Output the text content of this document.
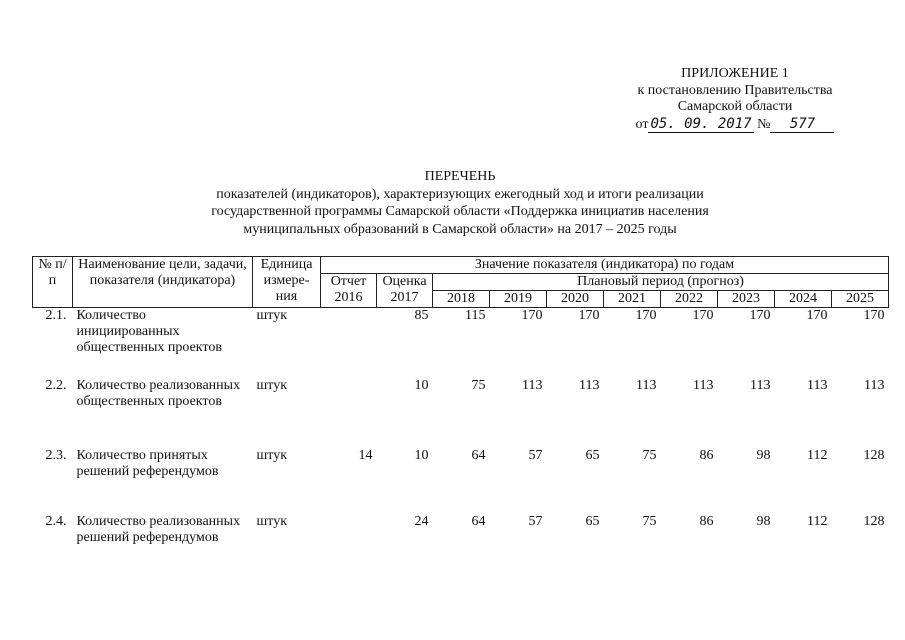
ПРИЛОЖЕНИЕ 1
к постановлению Правительства
Самарской области
от 05. 09. 2017 № 577
ПЕРЕЧЕНЬ
показателей (индикаторов), характеризующих ежегодный ход и итоги реализации
государственной программы Самарской области «Поддержка инициатив населения
муниципальных образований в Самарской области» на 2017 – 2025 годы
№ п/п	Наименование цели, задачи, показателя (индикатора)	Единица измере-ния	Значение показателя (индикатора) по годам									
			Отчет 2016	Оценка 2017	Плановый период (прогноз)							
					2018	2019	2020	2021	2022	2023	2024	2025
2.1.	Количество инициированных общественных проектов	штук		85	115	170	170	170	170	170	170	170
2.2.	Количество реализованных общественных проектов	штук		10	75	113	113	113	113	113	113	113
2.3.	Количество принятых решений референдумов	штук	14	10	64	57	65	75	86	98	112	128
2.4.	Количество реализованных решений референдумов	штук		24	64	57	65	75	86	98	112	128
